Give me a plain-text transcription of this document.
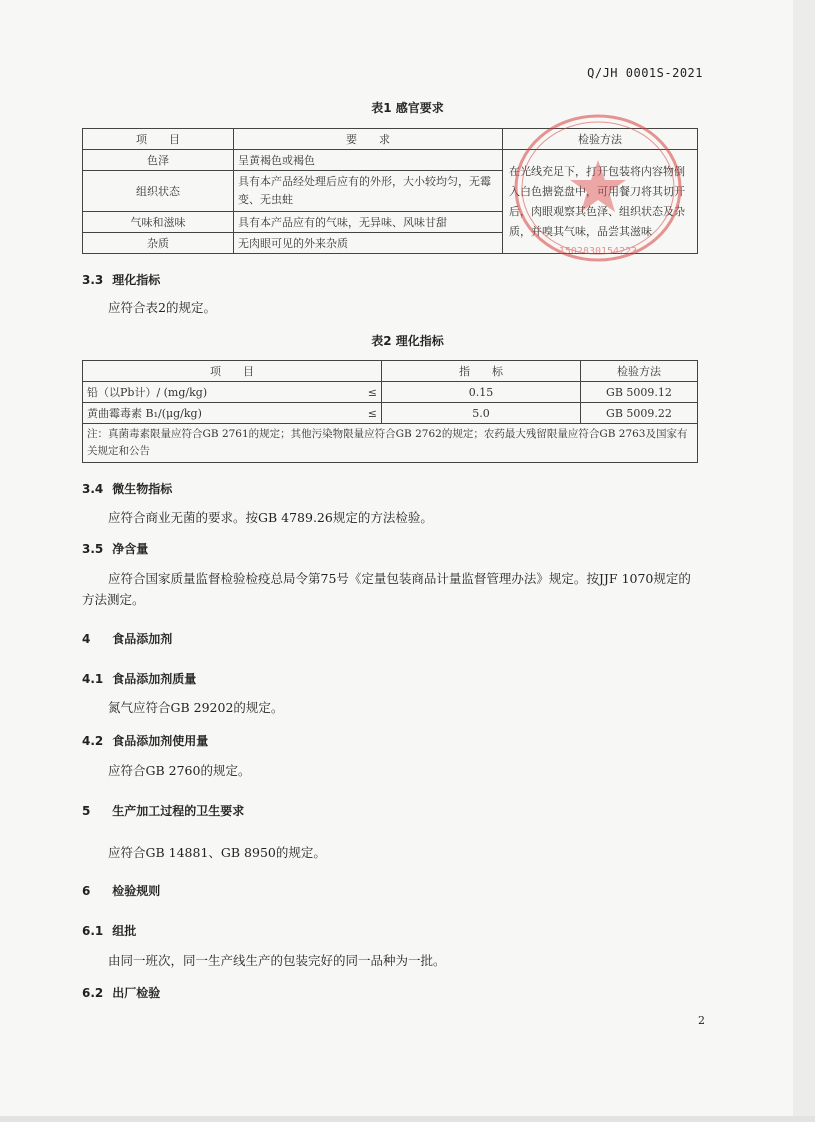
Q/JH 0001S-2021
表1 感官要求
项　　目	要　　求	检验方法
色泽	呈黄褐色或褐色	在光线充足下，打开包装将内容物倒入白色搪瓷盘中，可用餐刀将其切开后，肉眼观察其色泽、组织状态及杂质，并嗅其气味，品尝其滋味
组织状态	具有本产品经处理后应有的外形，大小较均匀，无霉变、无虫蛀	
气味和滋味	具有本产品应有的气味，无异味、风味甘甜	
杂质	无肉眼可见的外来杂质	
1502830154223
3.3 理化指标
应符合表2的规定。
表2 理化指标
项　　目		指　　标	检验方法
铅（以Pb计）/ (mg/kg)	≤	0.15	GB 5009.12
黄曲霉毒素 B₁/(μg/kg)	≤	5.0	GB 5009.22
注：真菌毒素限量应符合GB 2761的规定；其他污染物限量应符合GB 2762的规定；农药最大残留限量应符合GB 2763及国家有关规定和公告			
3.4 微生物指标
应符合商业无菌的要求。按GB 4789.26规定的方法检验。
3.5 净含量
应符合国家质量监督检验检疫总局令第75号《定量包装商品计量监督管理办法》规定。按JJF 1070规定的方法测定。
4 食品添加剂
4.1 食品添加剂质量
氮气应符合GB 29202的规定。
4.2 食品添加剂使用量
应符合GB 2760的规定。
5 生产加工过程的卫生要求
应符合GB 14881、GB 8950的规定。
6 检验规则
6.1 组批
由同一班次，同一生产线生产的包装完好的同一品种为一批。
6.2 出厂检验
2
